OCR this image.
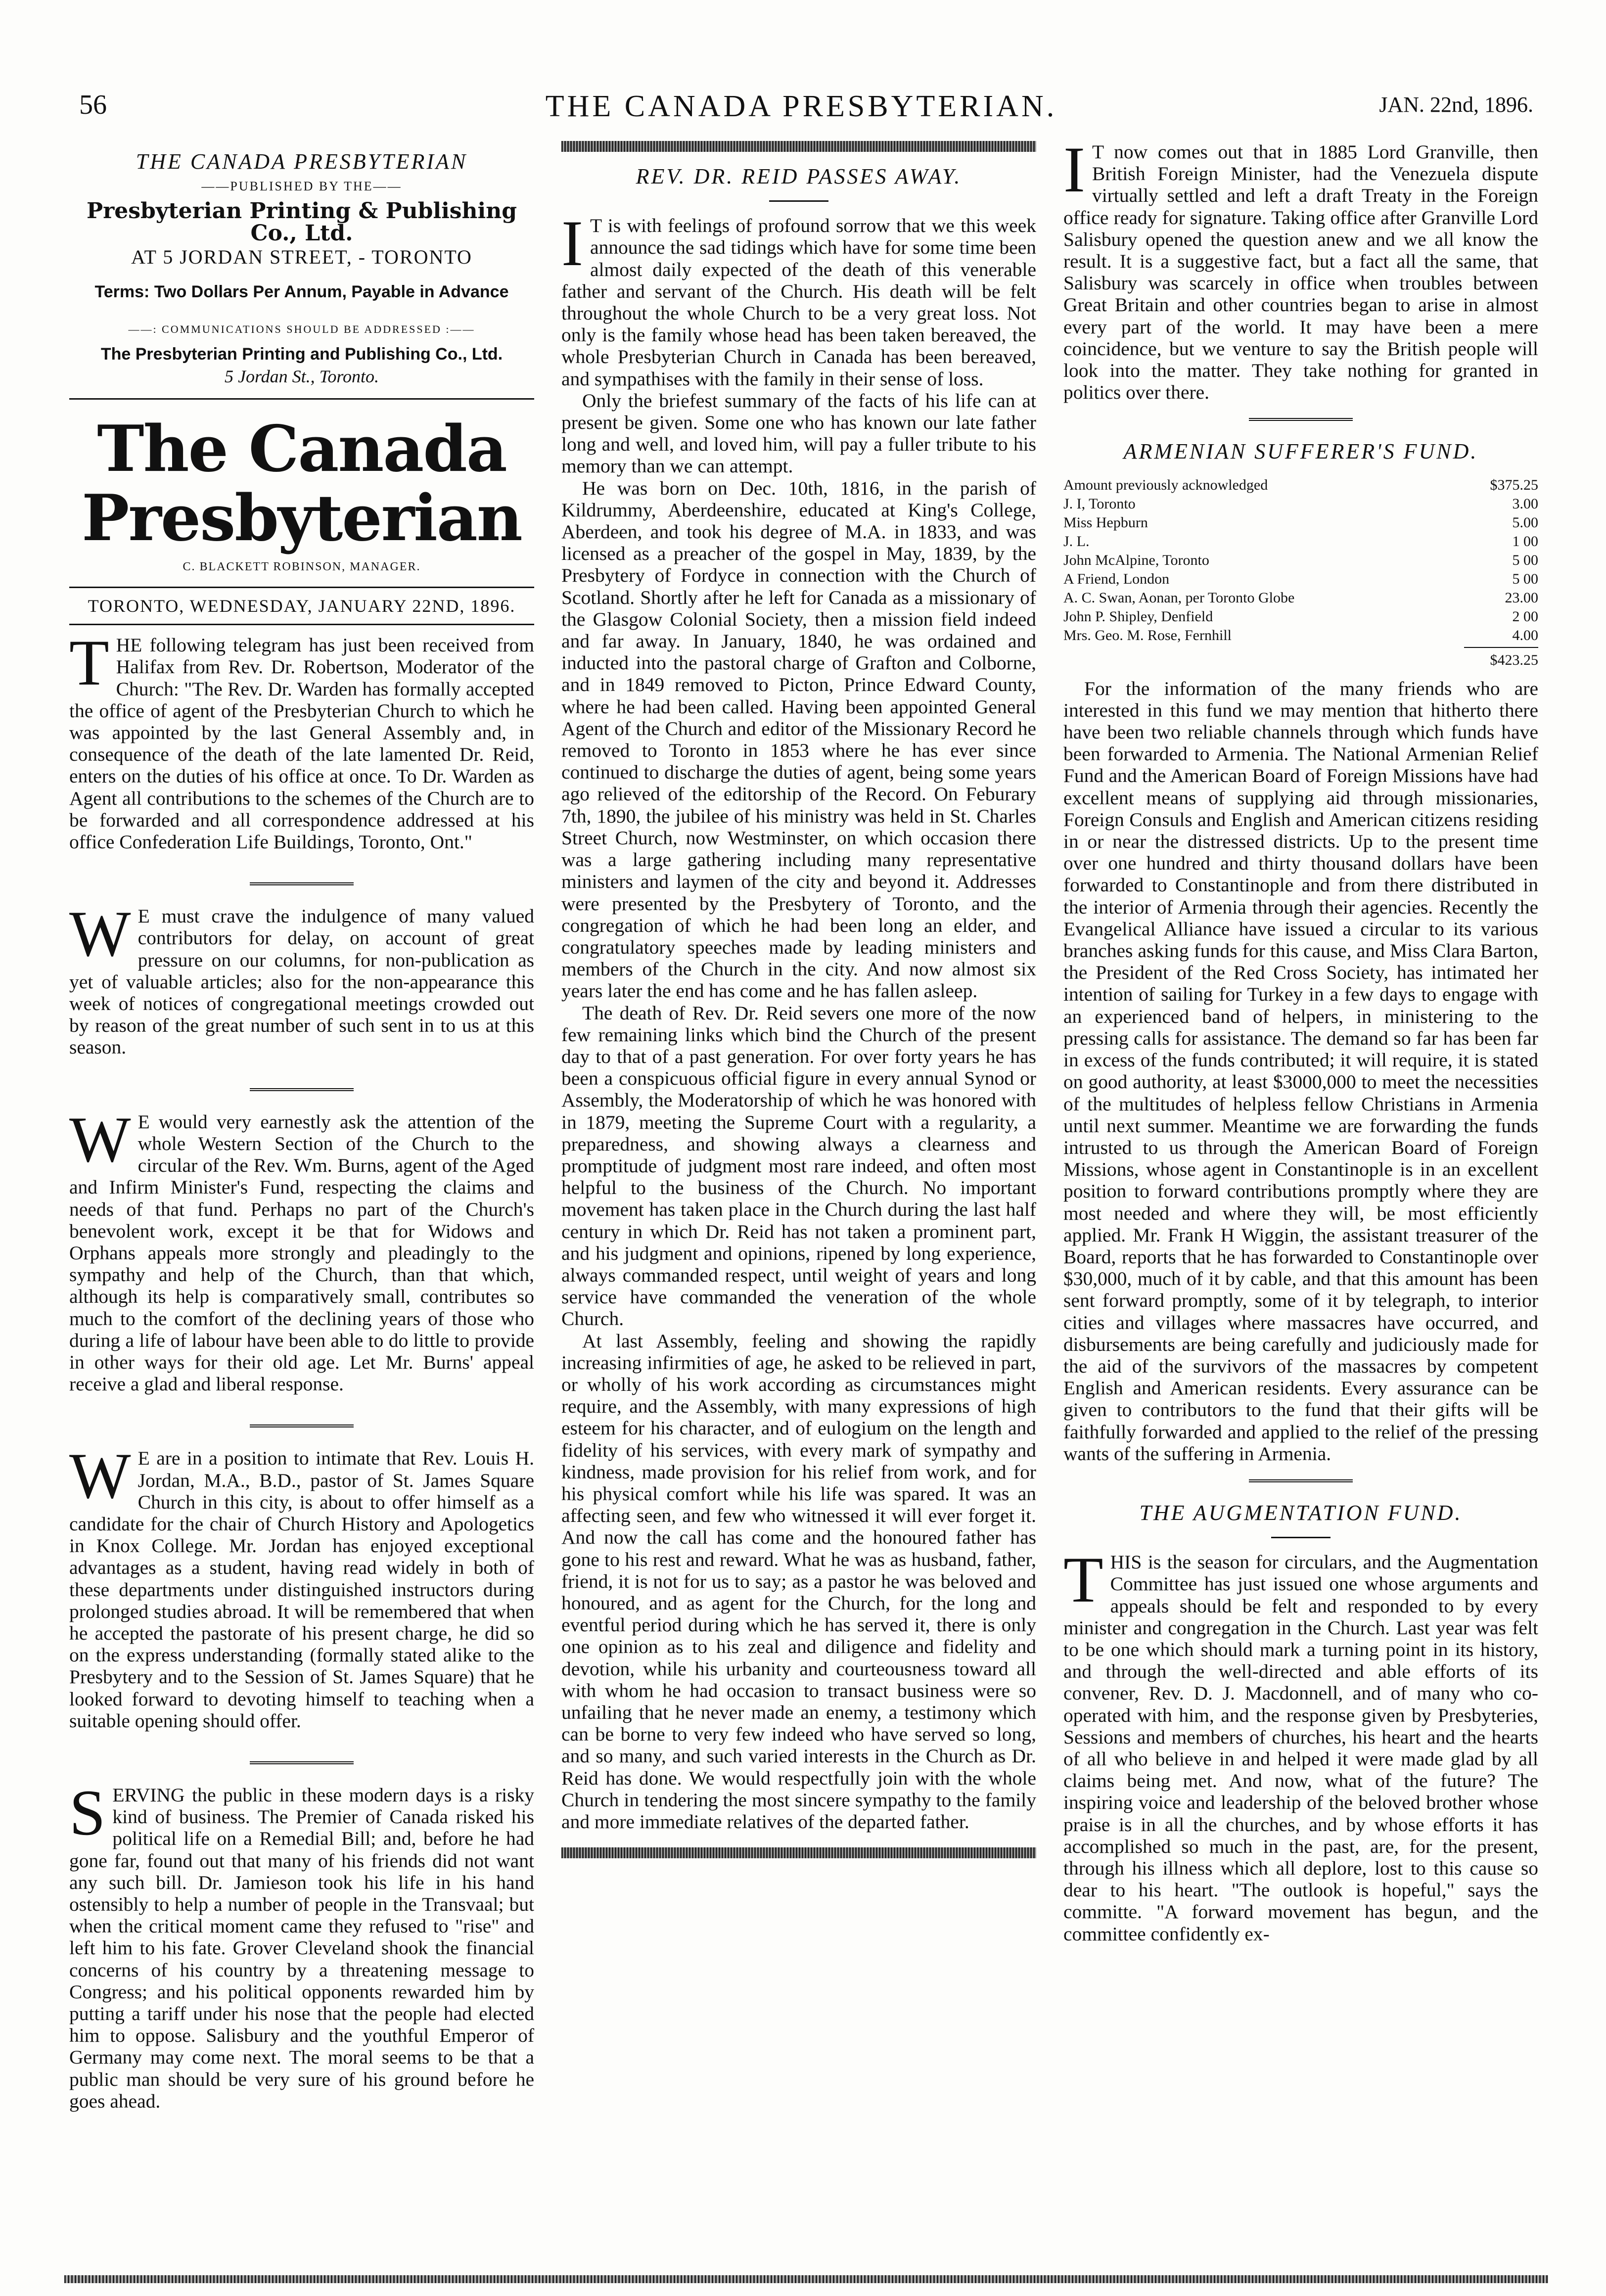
56	THE CANADA PRESBYTERIAN.	JAN. 22nd, 1896.
THE CANADA PRESBYTERIAN
——PUBLISHED BY THE——
Presbyterian Printing & Publishing Co., Ltd.
AT 5 JORDAN STREET, - TORONTO
Terms: Two Dollars Per Annum, Payable in Advance
——: COMMUNICATIONS SHOULD BE ADDRESSED :——
The Presbyterian Printing and Publishing Co., Ltd.
5 Jordan St., Toronto.
The Canada Presbyterian
C. BLACKETT ROBINSON, MANAGER.
TORONTO, WEDNESDAY, JANUARY 22ND, 1896.

THE following telegram has just been received from Halifax from Rev. Dr. Robertson, Moderator of the Church: "The Rev. Dr. Warden has formally accepted the office of agent of the Presbyterian Church to which he was appointed by the last General Assembly and, in consequence of the death of the late lamented Dr. Reid, enters on the duties of his office at once. To Dr. Warden as Agent all contributions to the schemes of the Church are to be forwarded and all correspondence addressed at his office Confederation Life Buildings, Toronto, Ont."

W E must crave the indulgence of many valued contributors for delay, on account of great pressure on our columns, for non-publication as yet of valuable articles; also for the non-appearance this week of notices of congregational meetings crowded out by reason of the great number of such sent in to us at this season.

W E would very earnestly ask the attention of the whole Western Section of the Church to the circular of the Rev. Wm. Burns, agent of the Aged and Infirm Minister's Fund, respecting the claims and needs of that fund. Perhaps no part of the Church's benevolent work, except it be that for Widows and Orphans appeals more strongly and pleadingly to the sympathy and help of the Church, than that which, although its help is comparatively small, contributes so much to the comfort of the declining years of those who during a life of labour have been able to do little to provide in other ways for their old age. Let Mr. Burns' appeal receive a glad and liberal response.

W E are in a position to intimate that Rev. Louis H. Jordan, M.A., B.D., pastor of St. James Square Church in this city, is about to offer himself as a candidate for the chair of Church History and Apologetics in Knox College. Mr. Jordan has enjoyed exceptional advantages as a student, having read widely in both of these departments under distinguished instructors during prolonged studies abroad. It will be remembered that when he accepted the pastorate of his present charge, he did so on the express understanding (formally stated alike to the Presbytery and to the Session of St. James Square) that he looked forward to devoting himself to teaching when a suitable opening should offer.

SERVING the public in these modern days is a risky kind of business. The Premier of Canada risked his political life on a Remedial Bill; and, before he had gone far, found out that many of his friends did not want any such bill. Dr. Jamieson took his life in his hand ostensibly to help a number of people in the Transvaal; but when the critical moment came they refused to "rise" and left him to his fate. Grover Cleveland shook the financial concerns of his country by a threatening message to Congress; and his political opponents rewarded him by putting a tariff under his nose that the people had elected him to oppose. Salisbury and the youthful Emperor of Germany may come next. The moral seems to be that a public man should be very sure of his ground before he goes ahead.

REV. DR. REID PASSES AWAY.

I T is with feelings of profound sorrow that we this week announce the sad tidings which have for some time been almost daily expected of the death of this venerable father and servant of the Church. His death will be felt throughout the whole Church to be a very great loss. Not only is the family whose head has been taken bereaved, the whole Presbyterian Church in Canada has been bereaved, and sympathises with the family in their sense of loss.

Only the briefest summary of the facts of his life can at present be given. Some one who has known our late father long and well, and loved him, will pay a fuller tribute to his memory than we can attempt.

He was born on Dec. 10th, 1816, in the parish of Kildrummy, Aberdeenshire, educated at King's College, Aberdeen, and took his degree of M.A. in 1833, and was licensed as a preacher of the gospel in May, 1839, by the Presbytery of Fordyce in connection with the Church of Scotland. Shortly after he left for Canada as a missionary of the Glasgow Colonial Society, then a mission field indeed and far away. In January, 1840, he was ordained and inducted into the pastoral charge of Grafton and Colborne, and in 1849 removed to Picton, Prince Edward County, where he had been called. Having been appointed General Agent of the Church and editor of the Missionary Record he removed to Toronto in 1853 where he has ever since continued to discharge the duties of agent, being some years ago relieved of the editorship of the Record. On Feburary 7th, 1890, the jubilee of his ministry was held in St. Charles Street Church, now Westminster, on which occasion there was a large gathering including many representative ministers and laymen of the city and beyond it. Addresses were presented by the Presbytery of Toronto, and the congregation of which he had been long an elder, and congratulatory speeches made by leading ministers and members of the Church in the city. And now almost six years later the end has come and he has fallen asleep.

The death of Rev. Dr. Reid severs one more of the now few remaining links which bind the Church of the present day to that of a past generation. For over forty years he has been a conspicuous official figure in every annual Synod or Assembly, the Moderatorship of which he was honored with in 1879, meeting the Supreme Court with a regularity, a preparedness, and showing always a clearness and promptitude of judgment most rare indeed, and often most helpful to the business of the Church. No important movement has taken place in the Church during the last half century in which Dr. Reid has not taken a prominent part, and his judgment and opinions, ripened by long experience, always commanded respect, until weight of years and long service have commanded the veneration of the whole Church.

At last Assembly, feeling and showing the rapidly increasing infirmities of age, he asked to be relieved in part, or wholly of his work according as circumstances might require, and the Assembly, with many expressions of high esteem for his character, and of eulogium on the length and fidelity of his services, with every mark of sympathy and kindness, made provision for his relief from work, and for his physical comfort while his life was spared. It was an affecting seen, and few who witnessed it will ever forget it. And now the call has come and the honoured father has gone to his rest and reward. What he was as husband, father, friend, it is not for us to say; as a pastor he was beloved and honoured, and as agent for the Church, for the long and eventful period during which he has served it, there is only one opinion as to his zeal and diligence and fidelity and devotion, while his urbanity and courteousness toward all with whom he had occasion to transact business were so unfailing that he never made an enemy, a testimony which can be borne to very few indeed who have served so long, and so many, and such varied interests in the Church as Dr. Reid has done. We would respectfully join with the whole Church in tendering the most sincere sympathy to the family and more immediate relatives of the departed father.

I T now comes out that in 1885 Lord Granville, then British Foreign Minister, had the Venezuela dispute virtually settled and left a draft Treaty in the Foreign office ready for signature. Taking office after Granville Lord Salisbury opened the question anew and we all know the result. It is a suggestive fact, but a fact all the same, that Salisbury was scarcely in office when troubles between Great Britain and other countries began to arise in almost every part of the world. It may have been a mere coincidence, but we venture to say the British people will look into the matter. They take nothing for granted in politics over there.

ARMENIAN SUFFERER'S FUND.
Amount previously acknowledged	$375.25
J. I, Toronto	3.00
Miss Hepburn	5.00
J. L.	1 00
John McAlpine, Toronto	5 00
A Friend, London	5 00
A. C. Swan, Aonan, per Toronto Globe	23.00
John P. Shipley, Denfield	2 00
Mrs. Geo. M. Rose, Fernhill	4.00
$423.25

For the information of the many friends who are interested in this fund we may mention that hitherto there have been two reliable channels through which funds have been forwarded to Armenia. The National Armenian Relief Fund and the American Board of Foreign Missions have had excellent means of supplying aid through missionaries, Foreign Consuls and English and American citizens residing in or near the distressed districts. Up to the present time over one hundred and thirty thousand dollars have been forwarded to Constantinople and from there distributed in the interior of Armenia through their agencies. Recently the Evangelical Alliance have issued a circular to its various branches asking funds for this cause, and Miss Clara Barton, the President of the Red Cross Society, has intimated her intention of sailing for Turkey in a few days to engage with an experienced band of helpers, in ministering to the pressing calls for assistance. The demand so far has been far in excess of the funds contributed; it will require, it is stated on good authority, at least $3000,000 to meet the necessities of the multitudes of helpless fellow Christians in Armenia until next summer. Meantime we are forwarding the funds intrusted to us through the American Board of Foreign Missions, whose agent in Constantinople is in an excellent position to forward contributions promptly where they are most needed and where they will, be most efficiently applied. Mr. Frank H Wiggin, the assistant treasurer of the Board, reports that he has forwarded to Constantinople over $30,000, much of it by cable, and that this amount has been sent forward promptly, some of it by telegraph, to interior cities and villages where massacres have occurred, and disbursements are being carefully and judiciously made for the aid of the survivors of the massacres by competent English and American residents. Every assurance can be given to contributors to the fund that their gifts will be faithfully forwarded and applied to the relief of the pressing wants of the suffering in Armenia.

THE AUGMENTATION FUND.

THIS is the season for circulars, and the Augmentation Committee has just issued one whose arguments and appeals should be felt and responded to by every minister and congregation in the Church. Last year was felt to be one which should mark a turning point in its history, and through the well-directed and able efforts of its convener, Rev. D. J. Macdonnell, and of many who co-operated with him, and the response given by Presbyteries, Sessions and members of churches, his heart and the hearts of all who believe in and helped it were made glad by all claims being met. And now, what of the future? The inspiring voice and leadership of the beloved brother whose praise is in all the churches, and by whose efforts it has accomplished so much in the past, are, for the present, through his illness which all deplore, lost to this cause so dear to his heart. "The outlook is hopeful," says the committe. "A forward movement has begun, and the committee confidently ex-
